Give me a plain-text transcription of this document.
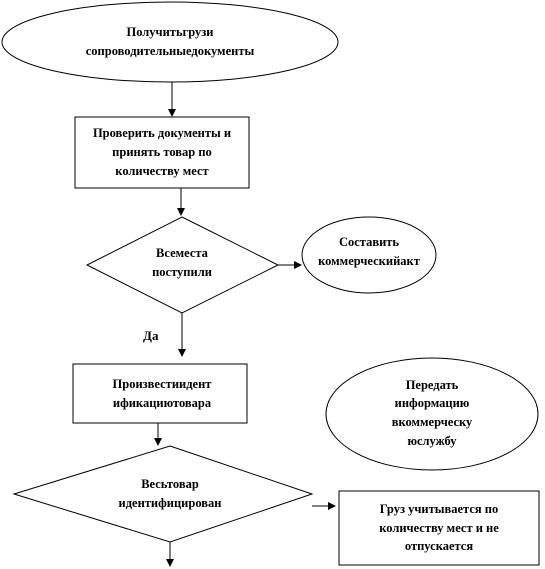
Получитьгрузи
сопроводительныедокументы
Проверить документы и
принять товар по
количеству мест
Всеместа
поступили
Составить
коммерческийакт
Да
Произвестиидент
ификациютовара
Передать
информацию
вкоммерческу
юслужбу
Весьтовар
идентифицирован	Груз учитывается по
количеству мест и не
отпускается
